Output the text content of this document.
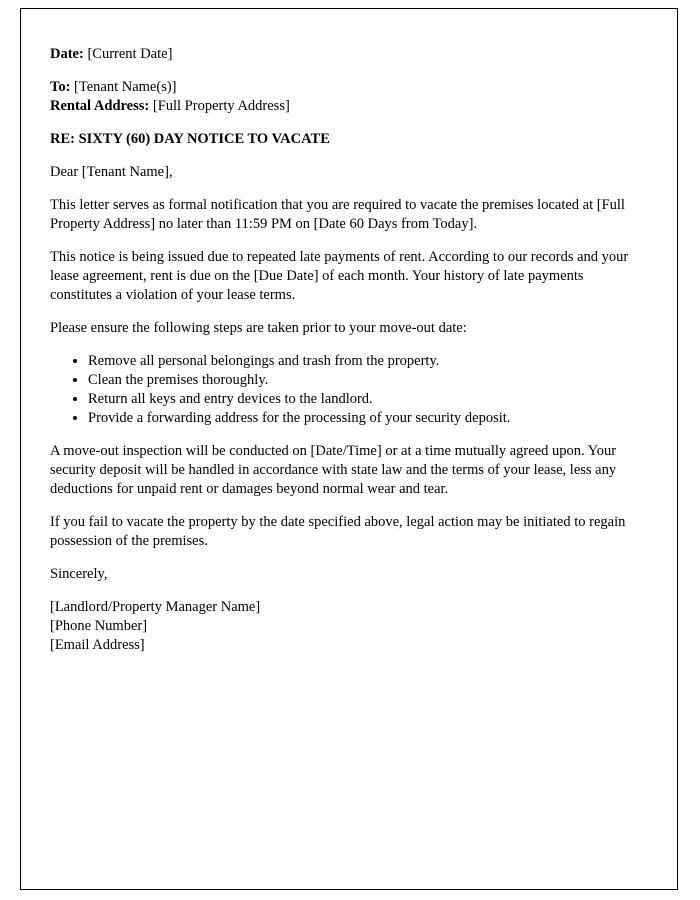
Date: [Current Date]

To: [Tenant Name(s)]

Rental Address: [Full Property Address]

RE: SIXTY (60) DAY NOTICE TO VACATE

Dear [Tenant Name],

This letter serves as formal notification that you are required to vacate the premises located at [Full Property Address] no later than 11:59 PM on [Date 60 Days from Today].

This notice is being issued due to repeated late payments of rent. According to our records and your lease agreement, rent is due on the [Due Date] of each month. Your history of late payments constitutes a violation of your lease terms.

Please ensure the following steps are taken prior to your move-out date:

• Remove all personal belongings and trash from the property.
• Clean the premises thoroughly.
• Return all keys and entry devices to the landlord.
• Provide a forwarding address for the processing of your security deposit.

A move-out inspection will be conducted on [Date/Time] or at a time mutually agreed upon. Your security deposit will be handled in accordance with state law and the terms of your lease, less any deductions for unpaid rent or damages beyond normal wear and tear.

If you fail to vacate the property by the date specified above, legal action may be initiated to regain possession of the premises.

Sincerely,

[Landlord/Property Manager Name]

[Phone Number]

[Email Address]
